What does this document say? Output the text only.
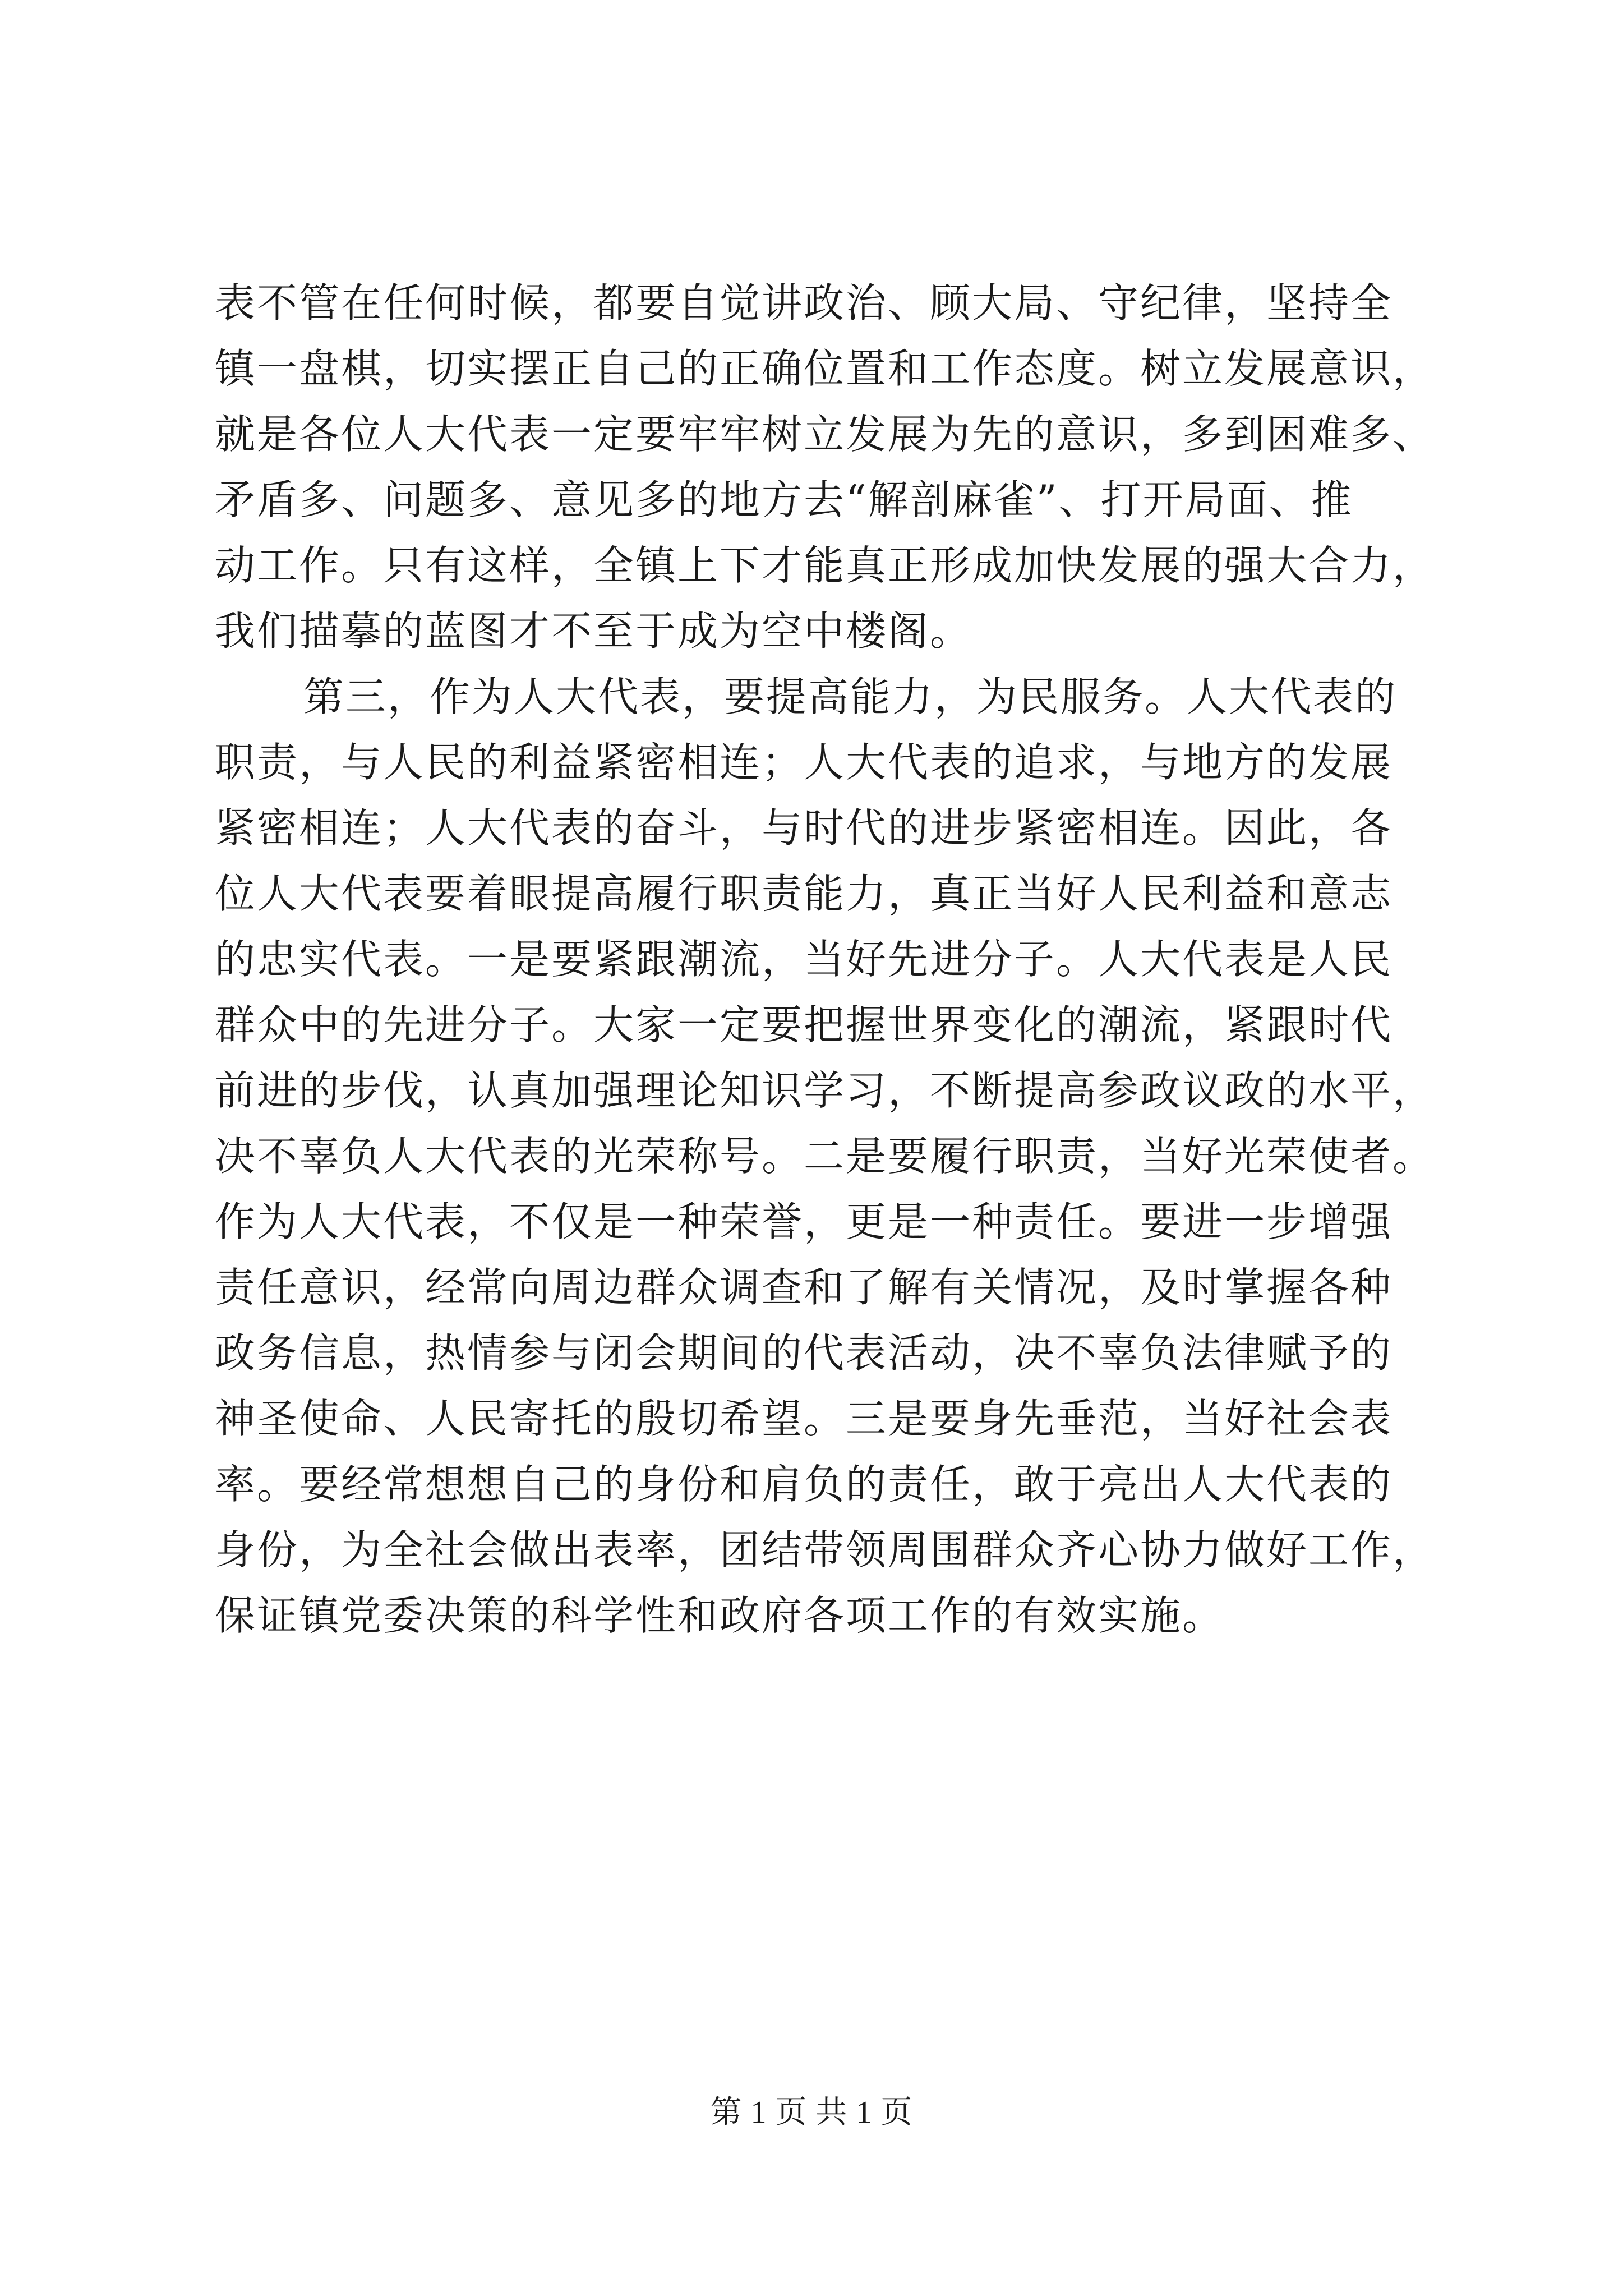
表不管在任何时候，都要自觉讲政治、顾大局、守纪律，坚持全
镇一盘棋，切实摆正自己的正确位置和工作态度。树立发展意识，
就是各位人大代表一定要牢牢树立发展为先的意识，多到困难多、
矛盾多、问题多、意见多的地方去“解剖麻雀”、打开局面、推
动工作。只有这样，全镇上下才能真正形成加快发展的强大合力，
我们描摹的蓝图才不至于成为空中楼阁。
第三，作为人大代表，要提高能力，为民服务。人大代表的
职责，与人民的利益紧密相连；人大代表的追求，与地方的发展
紧密相连；人大代表的奋斗，与时代的进步紧密相连。因此，各
位人大代表要着眼提高履行职责能力，真正当好人民利益和意志
的忠实代表。一是要紧跟潮流，当好先进分子。人大代表是人民
群众中的先进分子。大家一定要把握世界变化的潮流，紧跟时代
前进的步伐，认真加强理论知识学习，不断提高参政议政的水平，
决不辜负人大代表的光荣称号。二是要履行职责，当好光荣使者。
作为人大代表，不仅是一种荣誉，更是一种责任。要进一步增强
责任意识，经常向周边群众调查和了解有关情况，及时掌握各种
政务信息，热情参与闭会期间的代表活动，决不辜负法律赋予的
神圣使命、人民寄托的殷切希望。三是要身先垂范，当好社会表
率。要经常想想自己的身份和肩负的责任，敢于亮出人大代表的
身份，为全社会做出表率，团结带领周围群众齐心协力做好工作，
保证镇党委决策的科学性和政府各项工作的有效实施。
第 1 页 共 1 页
